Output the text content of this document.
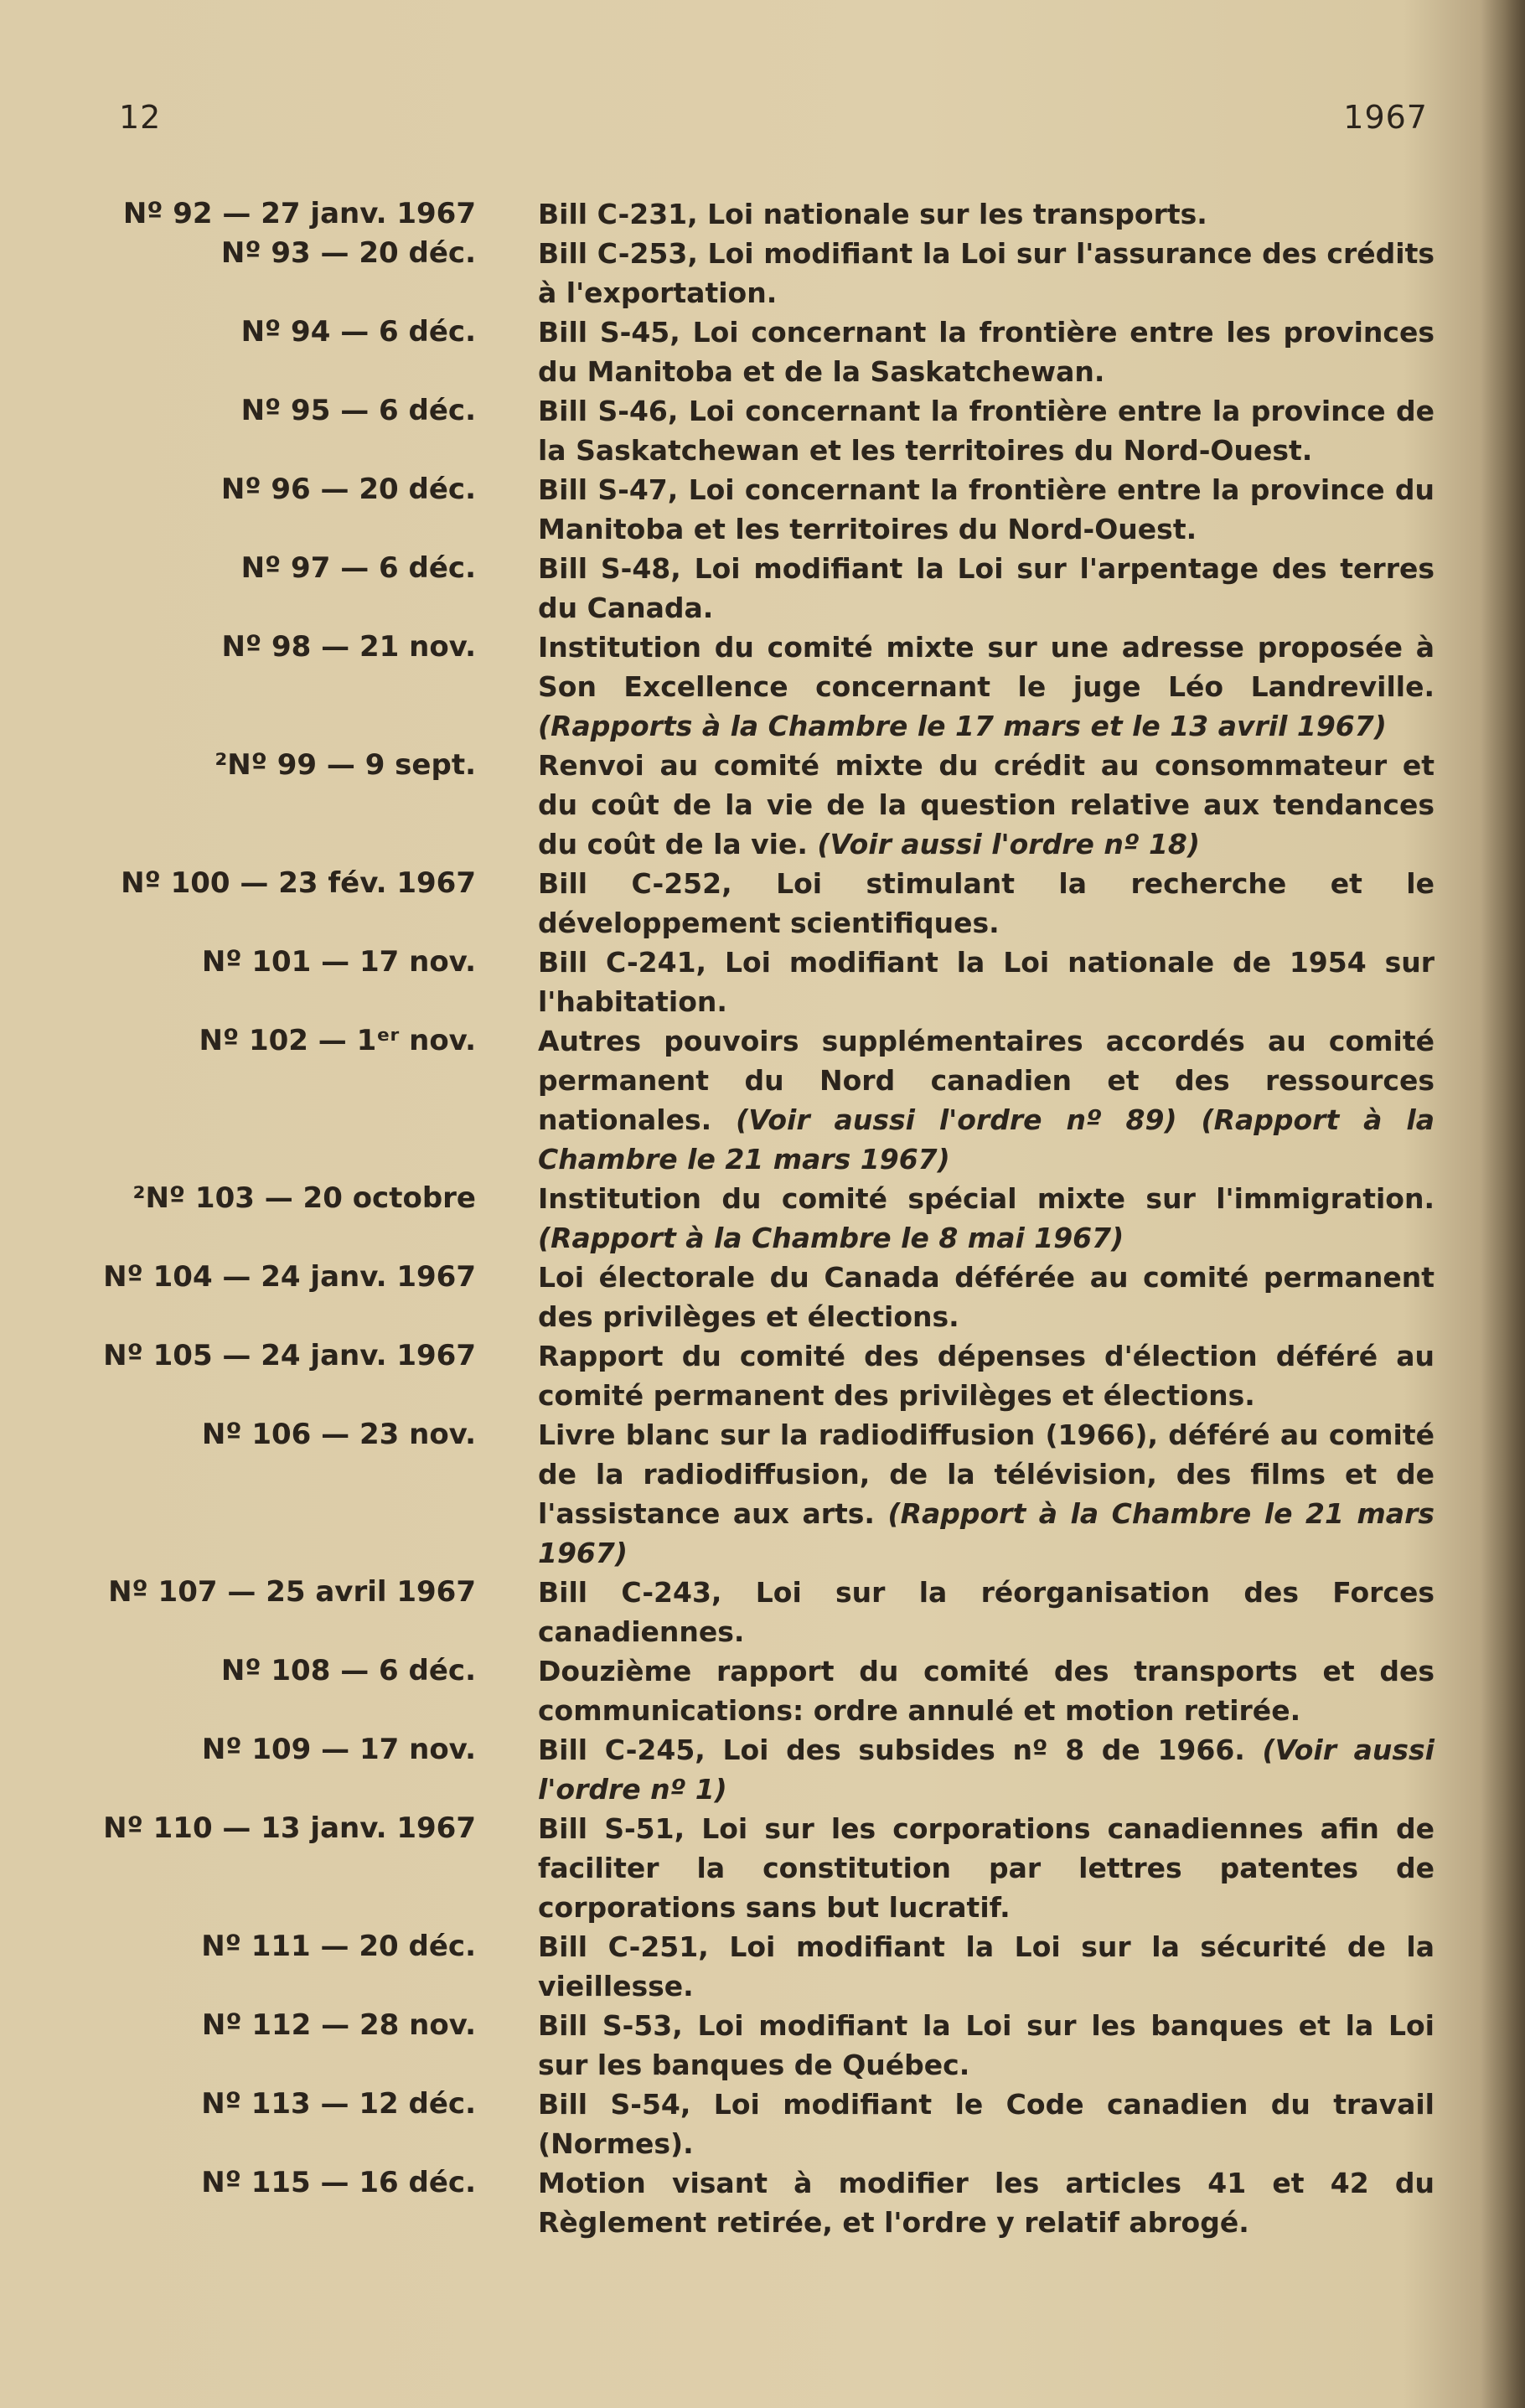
12	1967
Nº 92 — 27 janv. 1967 Bill C-231, Loi nationale sur les transports.
Nº 93 — 20 déc. Bill C-253, Loi modifiant la Loi sur l'assurance des crédits à l'exportation.
Nº 94 — 6 déc. Bill S-45, Loi concernant la frontière entre les provinces du Manitoba et de la Saskatchewan.
Nº 95 — 6 déc. Bill S-46, Loi concernant la frontière entre la province de la Saskatchewan et les territoires du Nord-Ouest.
Nº 96 — 20 déc. Bill S-47, Loi concernant la frontière entre la province du Manitoba et les territoires du Nord-Ouest.
Nº 97 — 6 déc. Bill S-48, Loi modifiant la Loi sur l'arpentage des terres du Canada.
Nº 98 — 21 nov. Institution du comité mixte sur une adresse proposée à Son Excellence concernant le juge Léo Landreville. (Rapports à la Chambre le 17 mars et le 13 avril 1967)
²Nº 99 — 9 sept. Renvoi au comité mixte du crédit au consommateur et du coût de la vie de la question relative aux tendances du coût de la vie. (Voir aussi l'ordre nº 18)
Nº 100 — 23 fév. 1967 Bill C-252, Loi stimulant la recherche et le développement scientifiques.
Nº 101 — 17 nov. Bill C-241, Loi modifiant la Loi nationale de 1954 sur l'habitation.
Nº 102 — 1ᵉʳ nov. Autres pouvoirs supplémentaires accordés au comité permanent du Nord canadien et des ressources nationales. (Voir aussi l'ordre nº 89) (Rapport à la Chambre le 21 mars 1967)
²Nº 103 — 20 octobre Institution du comité spécial mixte sur l'immigration. (Rapport à la Chambre le 8 mai 1967)
Nº 104 — 24 janv. 1967 Loi électorale du Canada déférée au comité permanent des privilèges et élections.
Nº 105 — 24 janv. 1967 Rapport du comité des dépenses d'élection déféré au comité permanent des privilèges et élections.
Nº 106 — 23 nov. Livre blanc sur la radiodiffusion (1966), déféré au comité de la radiodiffusion, de la télévision, des films et de l'assistance aux arts. (Rapport à la Chambre le 21 mars 1967)
Nº 107 — 25 avril 1967 Bill C-243, Loi sur la réorganisation des Forces canadiennes.
Nº 108 — 6 déc. Douzième rapport du comité des transports et des communications: ordre annulé et motion retirée.
Nº 109 — 17 nov. Bill C-245, Loi des subsides nº 8 de 1966. (Voir aussi l'ordre nº 1)
Nº 110 — 13 janv. 1967 Bill S-51, Loi sur les corporations canadiennes afin de faciliter la constitution par lettres patentes de corporations sans but lucratif.
Nº 111 — 20 déc. Bill C-251, Loi modifiant la Loi sur la sécurité de la vieillesse.
Nº 112 — 28 nov. Bill S-53, Loi modifiant la Loi sur les banques et la Loi sur les banques de Québec.
Nº 113 — 12 déc. Bill S-54, Loi modifiant le Code canadien du travail (Normes).
Nº 115 — 16 déc. Motion visant à modifier les articles 41 et 42 du Règlement retirée, et l'ordre y relatif abrogé.
